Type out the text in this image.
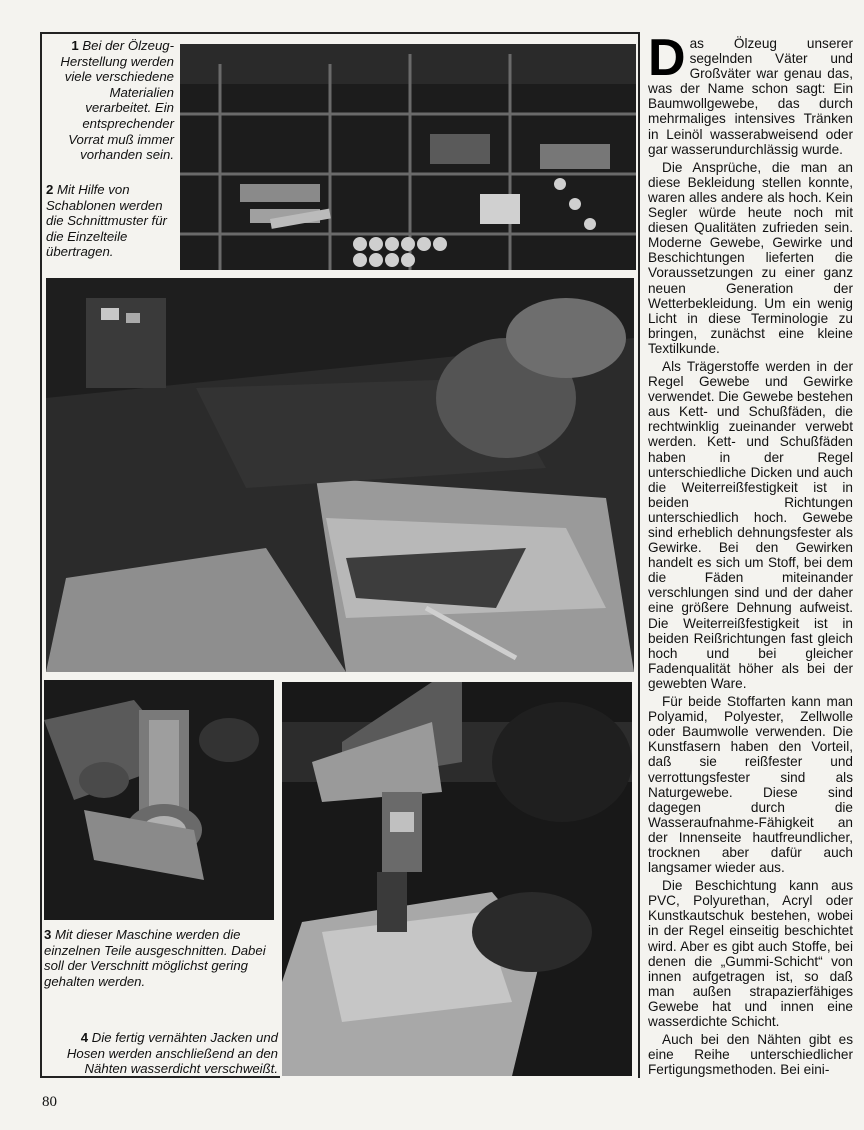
1 Bei der Ölzeug-Herstellung werden viele verschiedene Materialien verarbeitet. Ein entsprechender Vorrat muß immer vorhanden sein.

2 Mit Hilfe von Schablonen werden die Schnittmuster für die Einzelteile übertragen.

3 Mit dieser Maschine werden die einzelnen Teile ausgeschnitten. Dabei soll der Verschnitt möglichst gering gehalten werden.

4 Die fertig vernähten Jacken und Hosen werden anschließend an den Nähten wasserdicht verschweißt.

Das Ölzeug unserer segelnden Väter und Großväter war genau das, was der Name schon sagt: Ein Baumwollgewebe, das durch mehrmaliges intensives Tränken in Leinöl wasserabweisend oder gar wasserundurchlässig wurde.

Die Ansprüche, die man an diese Bekleidung stellen konnte, waren alles andere als hoch. Kein Segler würde heute noch mit diesen Qualitäten zufrieden sein. Moderne Gewebe, Gewirke und Beschichtungen lieferten die Voraussetzungen zu einer ganz neuen Generation der Wetterbekleidung. Um ein wenig Licht in diese Terminologie zu bringen, zunächst eine kleine Textilkunde.

Als Trägerstoffe werden in der Regel Gewebe und Gewirke verwendet. Die Gewebe bestehen aus Kett- und Schußfäden, die rechtwinklig zueinander verwebt werden. Kett- und Schußfäden haben in der Regel unterschiedliche Dicken und auch die Weiterreißfestigkeit ist in beiden Richtungen unterschiedlich hoch. Gewebe sind erheblich dehnungsfester als Gewirke. Bei den Gewirken handelt es sich um Stoff, bei dem die Fäden miteinander verschlungen sind und der daher eine größere Dehnung aufweist. Die Weiterreißfestigkeit ist in beiden Reißrichtungen fast gleich hoch und bei gleicher Fadenqualität höher als bei der gewebten Ware.

Für beide Stoffarten kann man Polyamid, Polyester, Zellwolle oder Baumwolle verwenden. Die Kunstfasern haben den Vorteil, daß sie reißfester und verrottungsfester sind als Naturgewebe. Diese sind dagegen durch die Wasseraufnahme-Fähigkeit an der Innenseite hautfreundlicher, trocknen aber dafür auch langsamer wieder aus.

Die Beschichtung kann aus PVC, Polyurethan, Acryl oder Kunstkautschuk bestehen, wobei in der Regel einseitig beschichtet wird. Aber es gibt auch Stoffe, bei denen die „Gummi-Schicht“ von innen aufgetragen ist, so daß man außen strapazierfähiges Gewebe hat und innen eine wasserdichte Schicht.

Auch bei den Nähten gibt es eine Reihe unterschiedlicher Fertigungsmethoden. Bei eini-

80
